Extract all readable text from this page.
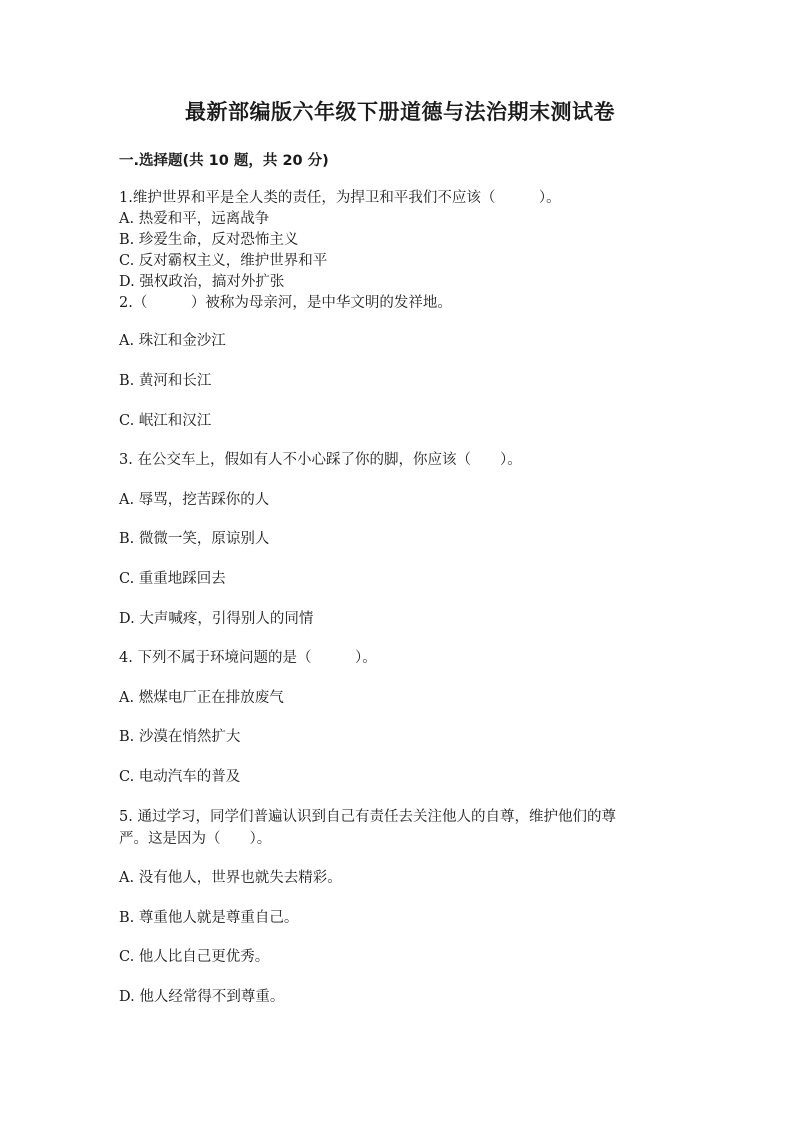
最新部编版六年级下册道德与法治期末测试卷
一.选择题(共 10 题，共 20 分)
1.维护世界和平是全人类的责任，为捍卫和平我们不应该（　　　）。
A. 热爱和平，远离战争
B. 珍爱生命，反对恐怖主义
C. 反对霸权主义，维护世界和平
D. 强权政治，搞对外扩张
2.（　　　）被称为母亲河，是中华文明的发祥地。
A. 珠江和金沙江
B. 黄河和长江
C. 岷江和汉江
3. 在公交车上，假如有人不小心踩了你的脚，你应该（　　）。
A. 辱骂，挖苦踩你的人
B. 微微一笑，原谅别人
C. 重重地踩回去
D. 大声喊疼，引得别人的同情
4. 下列不属于环境问题的是（　　　）。
A. 燃煤电厂正在排放废气
B. 沙漠在悄然扩大
C. 电动汽车的普及
5. 通过学习，同学们普遍认识到自己有责任去关注他人的自尊，维护他们的尊
严。这是因为（　　）。
A. 没有他人，世界也就失去精彩。
B. 尊重他人就是尊重自己。
C. 他人比自己更优秀。
D. 他人经常得不到尊重。
